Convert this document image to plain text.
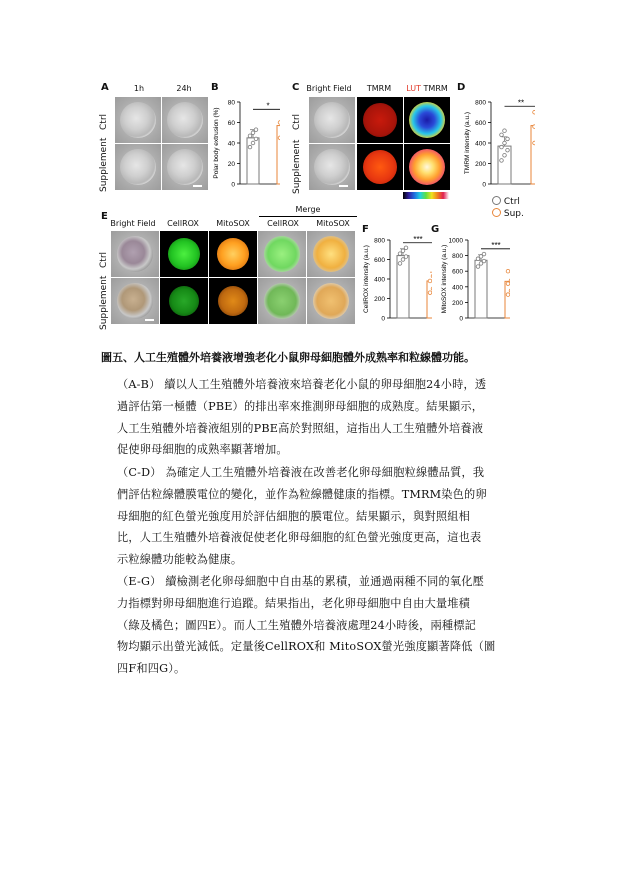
A	1h	24h
Ctrl
Supplement
B
0
20
40
60
80
Polar body extrusion (%)
*
C Bright Field	TMRM	LUT TMRM
Ctrl
Supplement
D
0
200
400
600
800
TMRM intensity (a.u.)
**
Ctrl
Sup.
E
Merge
Bright Field	CellROX	MitoSOX	CellROX	MitoSOX
Ctrl
Supplement
F
0
200
400
600
800
CellROX intensity (a.u.)
***
G
0
200
400
600
800
1000
MitoSOX intensity (a.u.)	***
圖五、人工生殖體外培養液增強老化小鼠卵母細胞體外成熟率和粒線體功能。
（A-B） 續以人工生殖體外培養液來培養老化小鼠的卵母細胞24小時，透
過評估第一極體（PBE）的排出率來推測卵母細胞的成熟度。結果顯示，
人工生殖體外培養液組別的PBE高於對照組，這指出人工生殖體外培養液
促使卵母細胞的成熟率顯著增加。
（C-D） 為確定人工生殖體外培養液在改善老化卵母細胞粒線體品質，我
們評估粒線體膜電位的變化，並作為粒線體健康的指標。TMRM染色的卵
母細胞的紅色螢光強度用於評估細胞的膜電位。結果顯示，與對照組相
比，人工生殖體外培養液促使老化卵母細胞的紅色螢光強度更高，這也表
示粒線體功能較為健康。
（E-G） 續檢測老化卵母細胞中自由基的累積，並通過兩種不同的氧化壓
力指標對卵母細胞進行追蹤。結果指出，老化卵母細胞中自由大量堆積
（綠及橘色；圖四E）。而人工生殖體外培養液處理24小時後，兩種標記
物均顯示出螢光減低。定量後CellROX和 MitoSOX螢光強度顯著降低（圖
四F和四G）。
